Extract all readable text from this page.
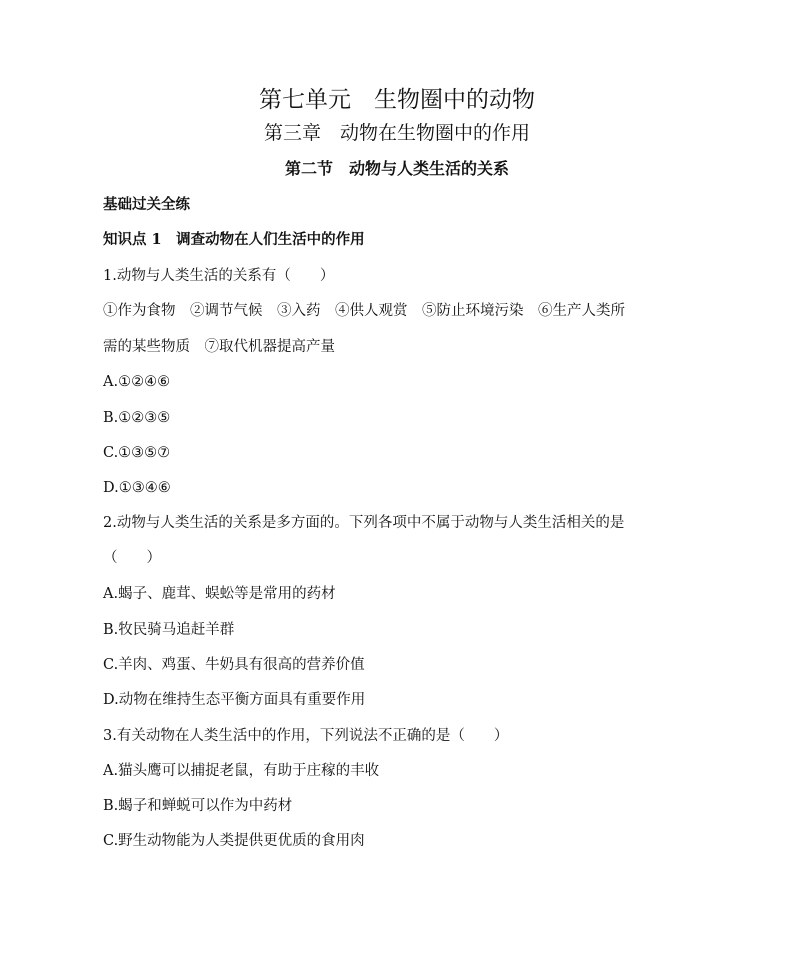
第七单元　生物圈中的动物
第三章　动物在生物圈中的作用
第二节　动物与人类生活的关系
基础过关全练
知识点 1　调查动物在人们生活中的作用
1.动物与人类生活的关系有（　　）
①作为食物　②调节气候　③入药　④供人观赏　⑤防止环境污染　⑥生产人类所
需的某些物质　⑦取代机器提高产量
A.①②④⑥
B.①②③⑤
C.①③⑤⑦
D.①③④⑥
2.动物与人类生活的关系是多方面的。下列各项中不属于动物与人类生活相关的是
（　　）
A.蝎子、鹿茸、蜈蚣等是常用的药材
B.牧民骑马追赶羊群
C.羊肉、鸡蛋、牛奶具有很高的营养价值
D.动物在维持生态平衡方面具有重要作用
3.有关动物在人类生活中的作用，下列说法不正确的是（　　）
A.猫头鹰可以捕捉老鼠，有助于庄稼的丰收
B.蝎子和蝉蜕可以作为中药材
C.野生动物能为人类提供更优质的食用肉
